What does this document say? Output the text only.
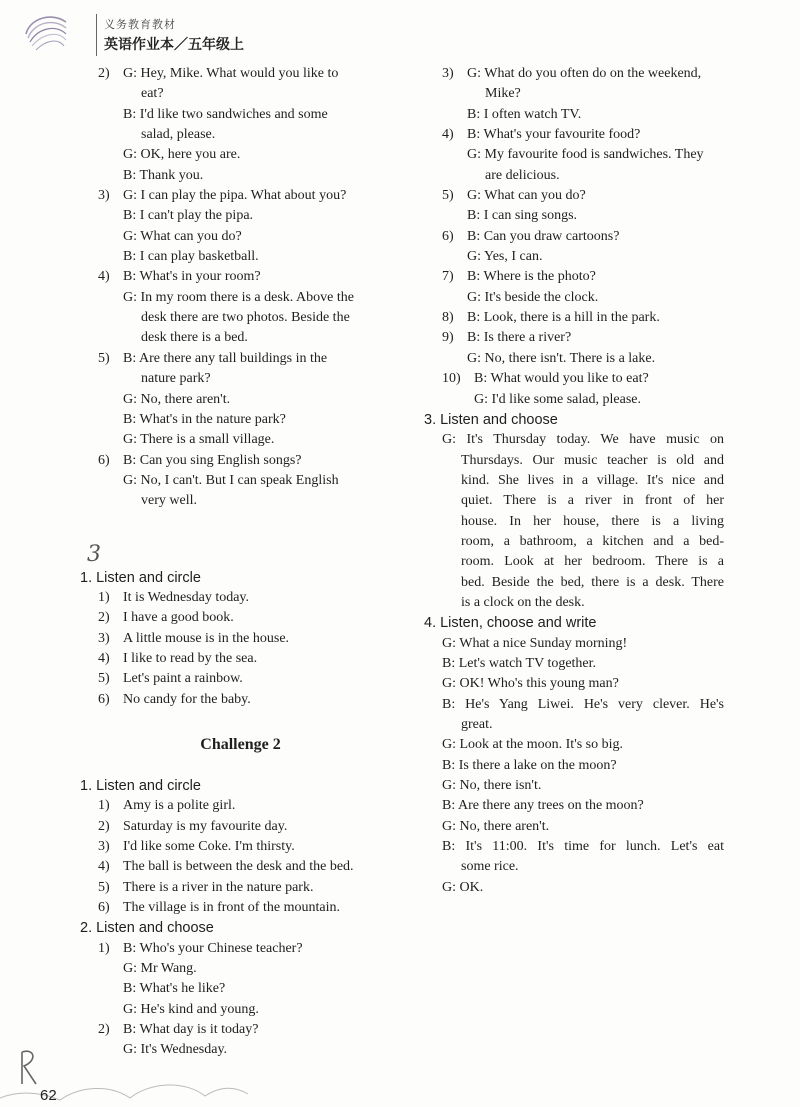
义务教育教材
英语作业本／五年级上
2) G: Hey, Mike. What would you like to
eat?
B: I'd like two sandwiches and some
salad, please.
G: OK, here you are.
B: Thank you.
3) G: I can play the pipa. What about you?
B: I can't play the pipa.
G: What can you do?
B: I can play basketball.
4) B: What's in your room?
G: In my room there is a desk. Above the
desk there are two photos. Beside the
desk there is a bed.
5) B: Are there any tall buildings in the
nature park?
G: No, there aren't.
B: What's in the nature park?
G: There is a small village.
6) B: Can you sing English songs?
G: No, I can't. But I can speak English
very well.
1. Listen and circle
1) It is Wednesday today.
2) I have a good book.
3) A little mouse is in the house.
4) I like to read by the sea.
5) Let's paint a rainbow.
6) No candy for the baby.
Challenge 2
1. Listen and circle
1) Amy is a polite girl.
2) Saturday is my favourite day.
3) I'd like some Coke. I'm thirsty.
4) The ball is between the desk and the bed.
5) There is a river in the nature park.
6) The village is in front of the mountain.
2. Listen and choose
1) B: Who's your Chinese teacher?
G: Mr Wang.
B: What's he like?
G: He's kind and young.
2) B: What day is it today?
G: It's Wednesday.
3
3) G: What do you often do on the weekend,
Mike?
B: I often watch TV.
4) B: What's your favourite food?
G: My favourite food is sandwiches. They
are delicious.
5) G: What can you do?
B: I can sing songs.
6) B: Can you draw cartoons?
G: Yes, I can.
7) B: Where is the photo?
G: It's beside the clock.
8) B: Look, there is a hill in the park.
9) B: Is there a river?
G: No, there isn't. There is a lake.
10) B: What would you like to eat?
G: I'd like some salad, please.
3. Listen and choose
G: It's Thursday today. We have music on
Thursdays. Our music teacher is old and
kind. She lives in a village. It's nice and
quiet. There is a river in front of her
house. In her house, there is a living
room, a bathroom, a kitchen and a bed-
room. Look at her bedroom. There is a
bed. Beside the bed, there is a desk. There
is a clock on the desk.
4. Listen, choose and write
G: What a nice Sunday morning!
B: Let's watch TV together.
G: OK! Who's this young man?
B: He's Yang Liwei. He's very clever. He's
great.
G: Look at the moon. It's so big.
B: Is there a lake on the moon?
G: No, there isn't.
B: Are there any trees on the moon?
G: No, there aren't.
B: It's 11:00. It's time for lunch. Let's eat
some rice.
G: OK.
62
